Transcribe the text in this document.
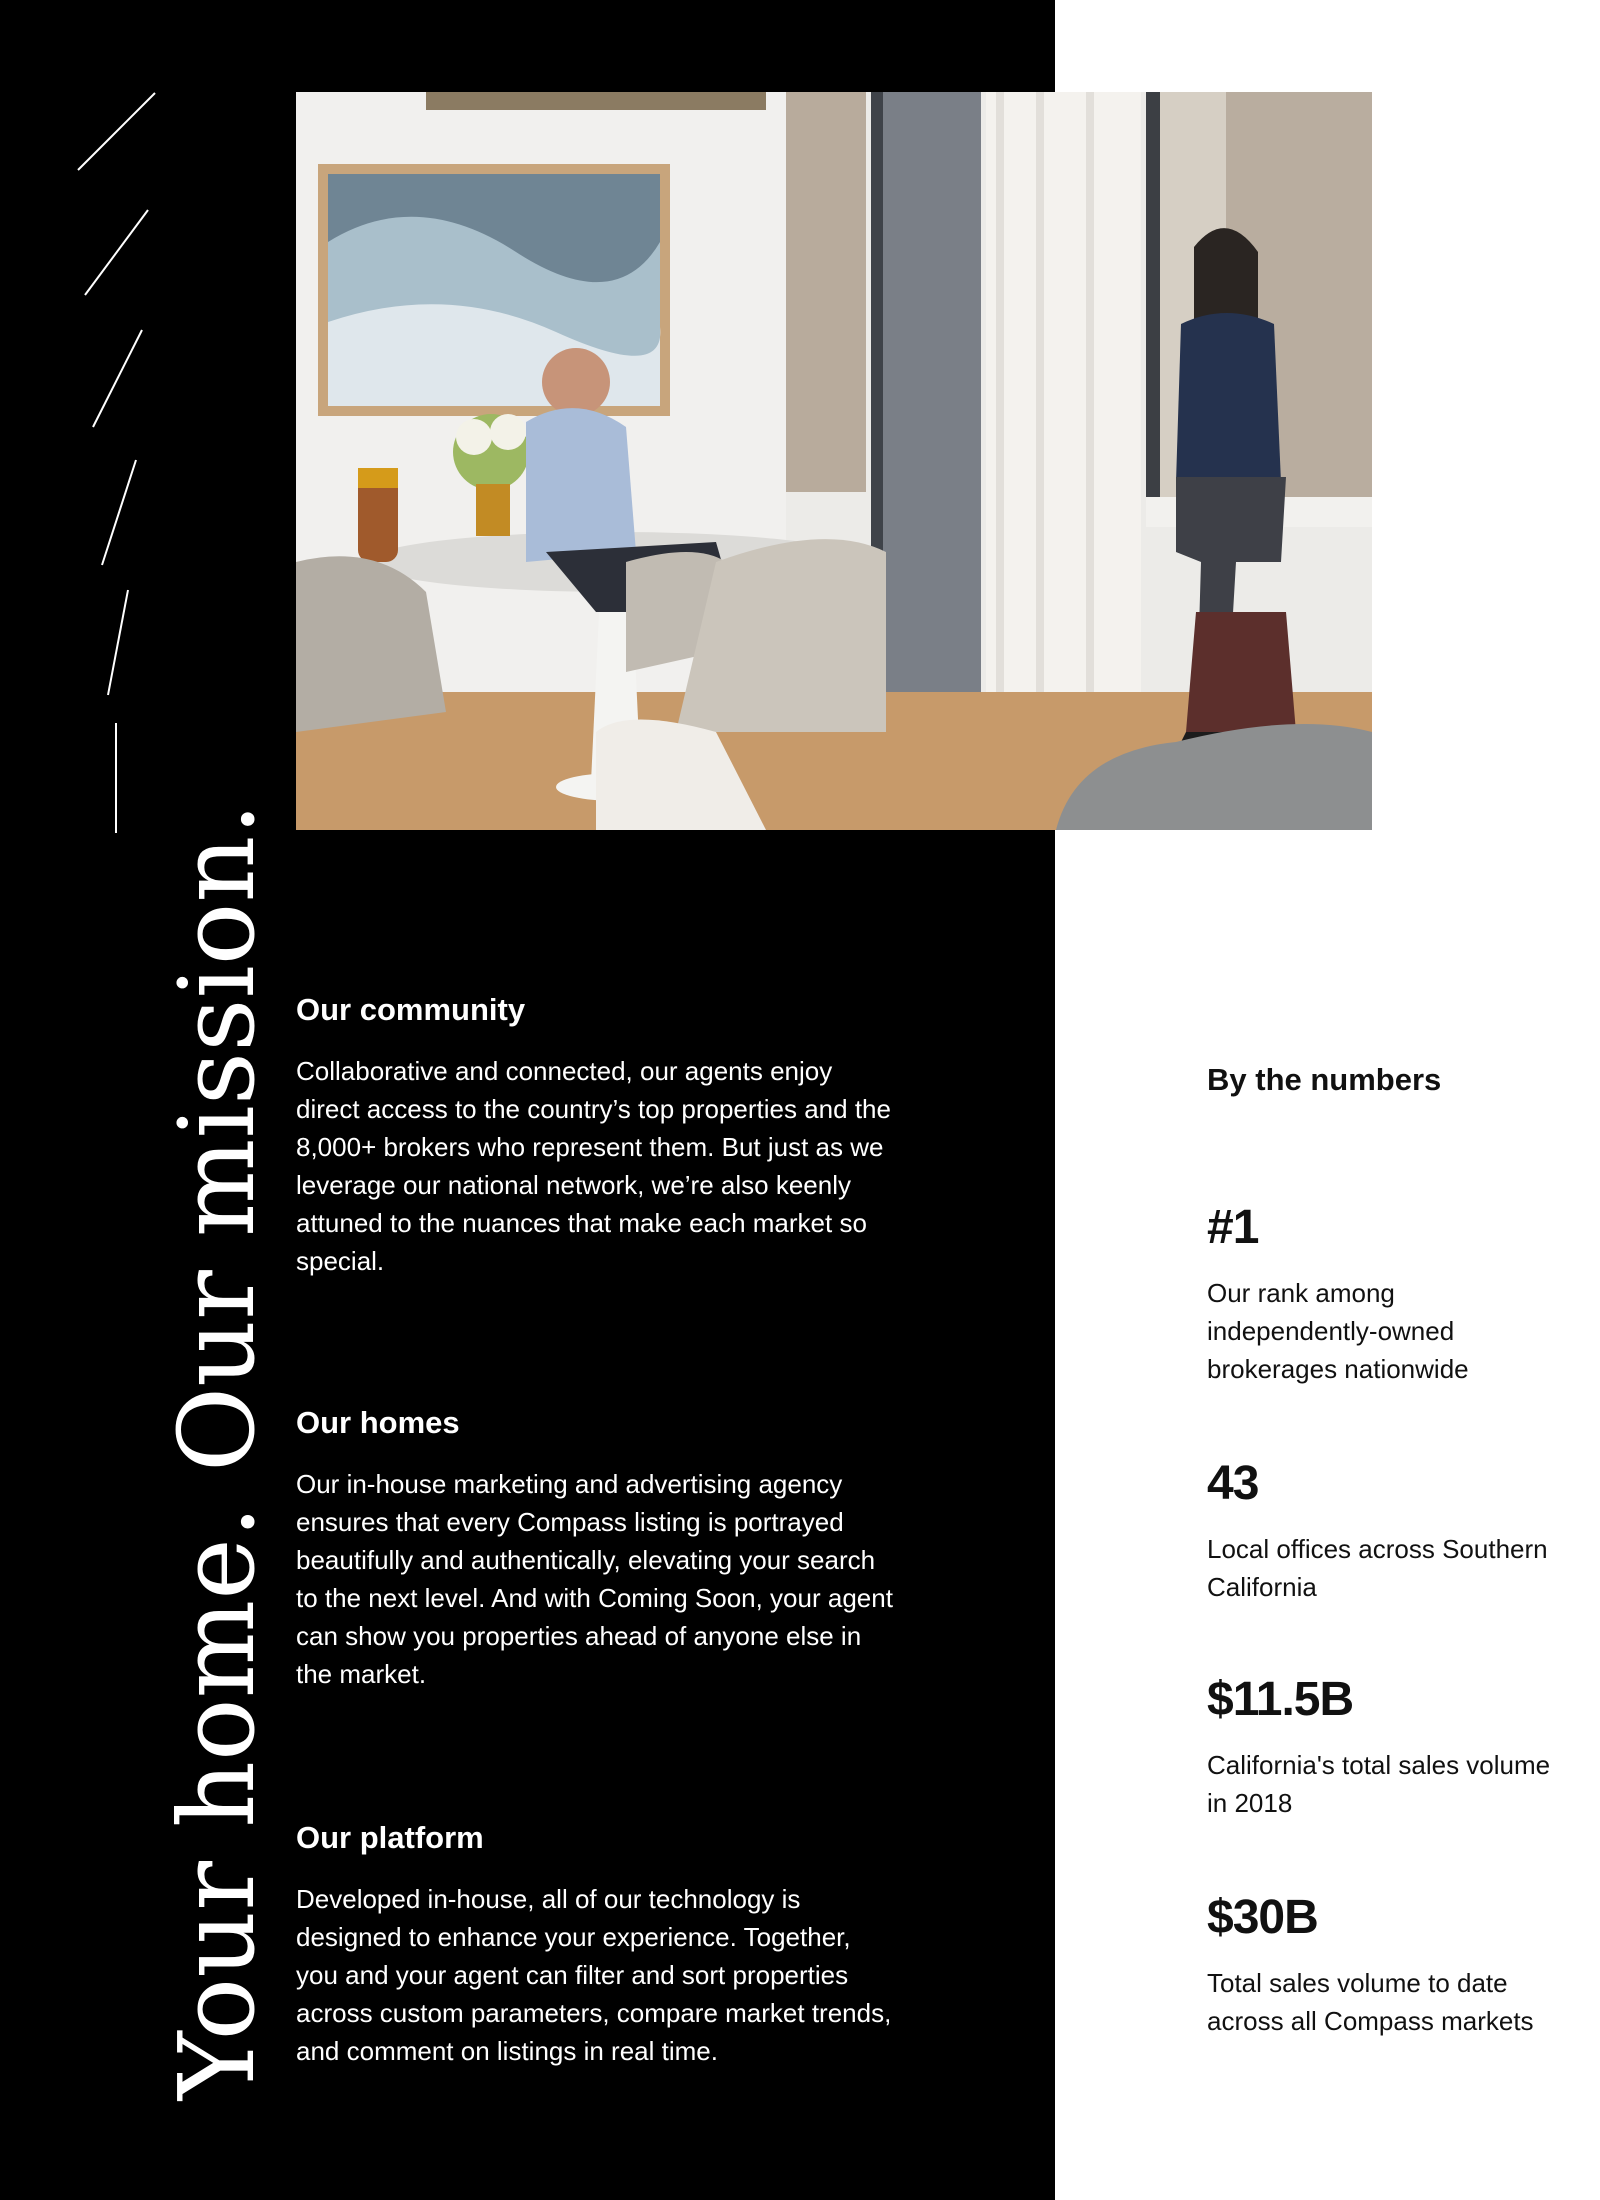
Your home. Our mission. Our community

Collaborative and connected, our agents enjoy direct access to the country’s top properties and the 8,000+ brokers who represent them. But just as we leverage our national network, we’re also keenly attuned to the nuances that make each market so special.

Our homes

Our in-house marketing and advertising agency ensures that every Compass listing is portrayed beautifully and authentically, elevating your search to the next level. And with Coming Soon, your agent can show you properties ahead of anyone else in the market.

Our platform

Developed in-house, all of our technology is designed to enhance your experience. Together, you and your agent can filter and sort properties across custom parameters, compare market trends, and comment on listings in real time.

By the numbers
#1
Our rank among independently-owned brokerages nationwide
43
Local offices across Southern California
$11.5B
California's total sales volume in 2018
$30B
Total sales volume to date across all Compass markets
